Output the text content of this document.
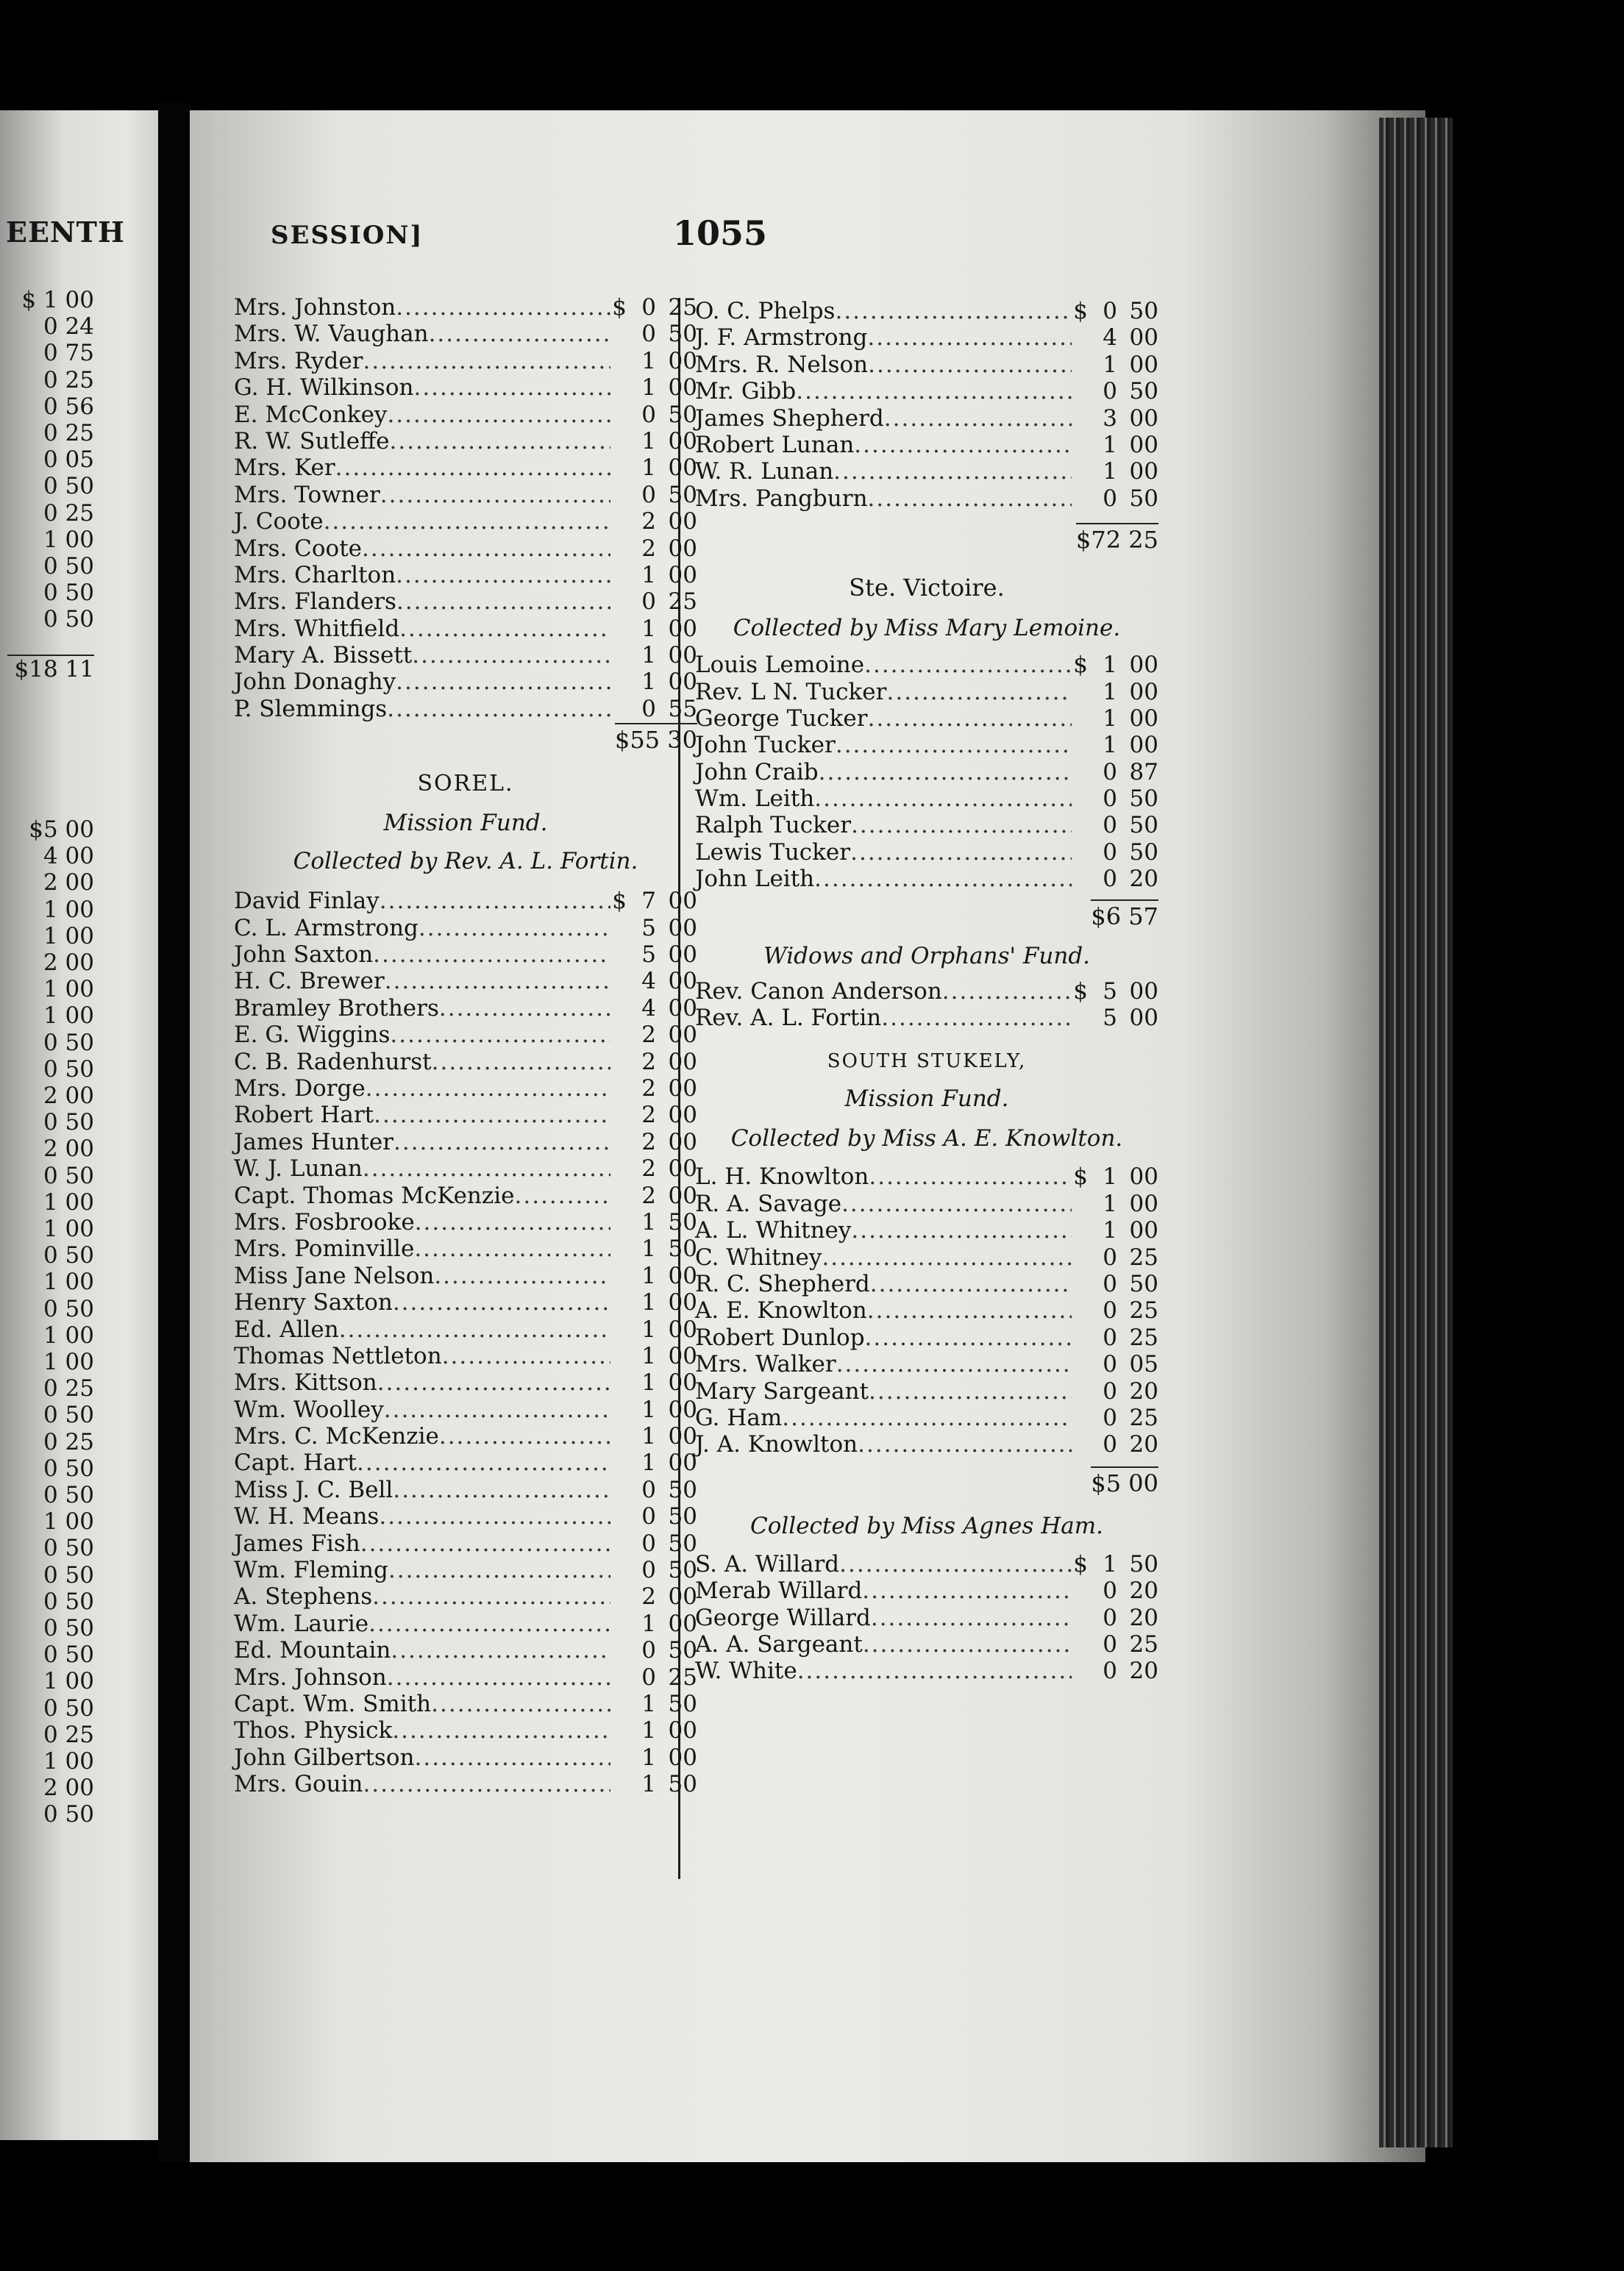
EENTH
$ 1 00
0 24
0 75
0 25
0 56
0 25
0 05
0 50
0 25
1 00
0 50
0 50
0 50
$18 11
$5 00
4 00
2 00
1 00
1 00
2 00
1 00
1 00
0 50
0 50
2 00
0 50
2 00
0 50
1 00
1 00
0 50
1 00
0 50
1 00
1 00
0 25
0 50
0 25
0 50
0 50
1 00
0 50
0 50
0 50
0 50
0 50
1 00
0 50
0 25
1 00
2 00
0 50
SESSION]	1055
Mrs. Johnston .....	$ 0 25
Mrs. W. Vaughan .....	0 50
Mrs. Ryder .....	1 00
G. H. Wilkinson .....	1 00
E. McConkey .....	0 50
R. W. Sutleffe .....	1 00
Mrs. Ker .....	1 00
Mrs. Towner .....	0 50
J. Coote .....	2 00
Mrs. Coote .....	2 00
Mrs. Charlton .....	1 00
Mrs. Flanders .....	0 25
Mrs. Whitfield .....	1 00
Mary A. Bissett .....	1 00
John Donaghy .....	1 00
P. Slemmings .....	0 55
$55 30
SOREL.
Mission Fund.
Collected by Rev. A. L. Fortin.
David Finlay .....	$ 7 00
C. L. Armstrong .....	5 00
John Saxton .....	5 00
H. C. Brewer .....	4 00
Bramley Brothers .....	4 00
E. G. Wiggins .....	2 00
C. B. Radenhurst .....	2 00
Mrs. Dorge .....	2 00
Robert Hart .....	2 00
James Hunter .....	2 00
W. J. Lunan .....	2 00
Capt. Thomas McKenzie .....	2 00
Mrs. Fosbrooke .....	1 50
Mrs. Pominville .....	1 50
Miss Jane Nelson .....	1 00
Henry Saxton .....	1 00
Ed. Allen .....	1 00
Thomas Nettleton .....	1 00
Mrs. Kittson .....	1 00
Wm. Woolley .....	1 00
Mrs. C. McKenzie .....	1 00
Capt. Hart .....	1 00
Miss J. C. Bell .....	0 50
W. H. Means .....	0 50
James Fish .....	0 50
Wm. Fleming .....	0 50
A. Stephens .....	2 00
Wm. Laurie .....	1 00
Ed. Mountain .....	0 50
Mrs. Johnson .....	0 25
Capt. Wm. Smith .....	1 50
Thos. Physick .....	1 00
John Gilbertson .....	1 00
Mrs. Gouin .....	1 50
O. C. Phelps .....	$ 0 50
J. F. Armstrong .....	4 00
Mrs. R. Nelson .....	1 00
Mr. Gibb .....	0 50
James Shepherd .....	3 00
Robert Lunan .....	1 00
W. R. Lunan .....	1 00
Mrs. Pangburn .....	0 50
$72 25
Ste. Victoire.
Collected by Miss Mary Lemoine.
Louis Lemoine .....	$ 1 00
Rev. L N. Tucker .....	1 00
George Tucker .....	1 00
John Tucker .....	1 00
John Craib .....	0 87
Wm. Leith .....	0 50
Ralph Tucker .....	0 50
Lewis Tucker .....	0 50
John Leith .....	0 20
$6 57
Widows and Orphans' Fund.
Rev. Canon Anderson .....	$ 5 00
Rev. A. L. Fortin .....	5 00
SOUTH STUKELY,
Mission Fund.
Collected by Miss A. E. Knowlton.
L. H. Knowlton .....	$ 1 00
R. A. Savage .....	1 00
A. L. Whitney .....	1 00
C. Whitney .....	0 25
R. C. Shepherd .....	0 50
A. E. Knowlton .....	0 25
Robert Dunlop .....	0 25
Mrs. Walker .....	0 05
Mary Sargeant .....	0 20
G. Ham .....	0 25
J. A. Knowlton .....	0 20
$5 00
Collected by Miss Agnes Ham.
S. A. Willard .....	$ 1 50
Merab Willard .....	0 20
George Willard .....	0 20
A. A. Sargeant .....	0 25
W. White .....	0 20
